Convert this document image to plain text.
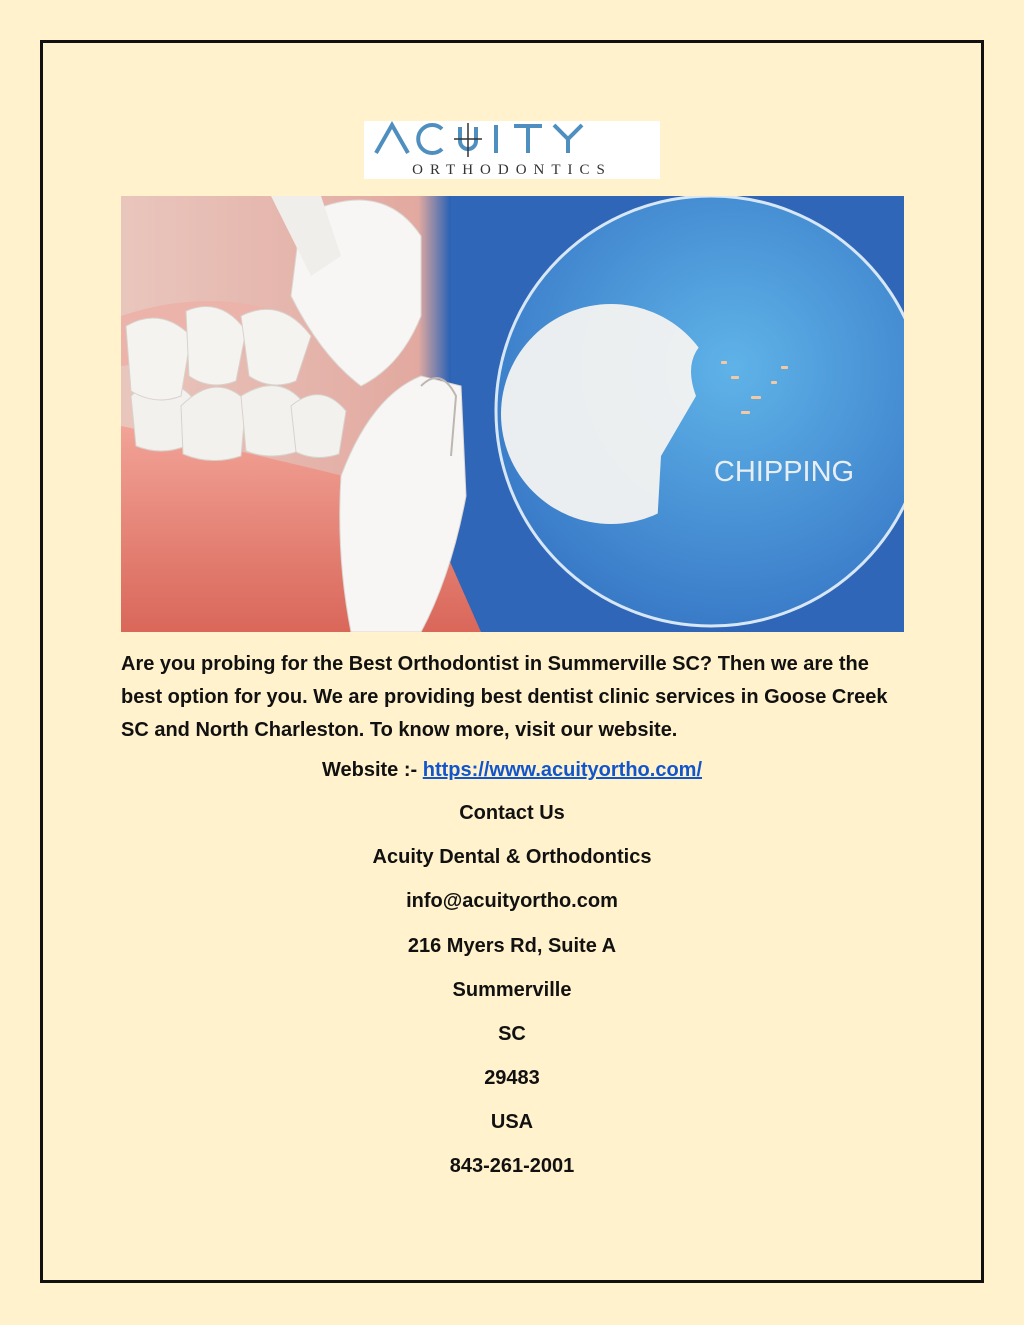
ORTHODONTICS
CHIPPING

Are you probing for the Best Orthodontist in Summerville SC? Then we are the best option for you. We are providing best dentist clinic services in Goose Creek SC and North Charleston. To know more, visit our website.

Website :- https://www.acuityortho.com/
Contact Us
Acuity Dental & Orthodontics
info@acuityortho.com
216 Myers Rd, Suite A
Summerville
SC
29483
USA
843-261-2001
